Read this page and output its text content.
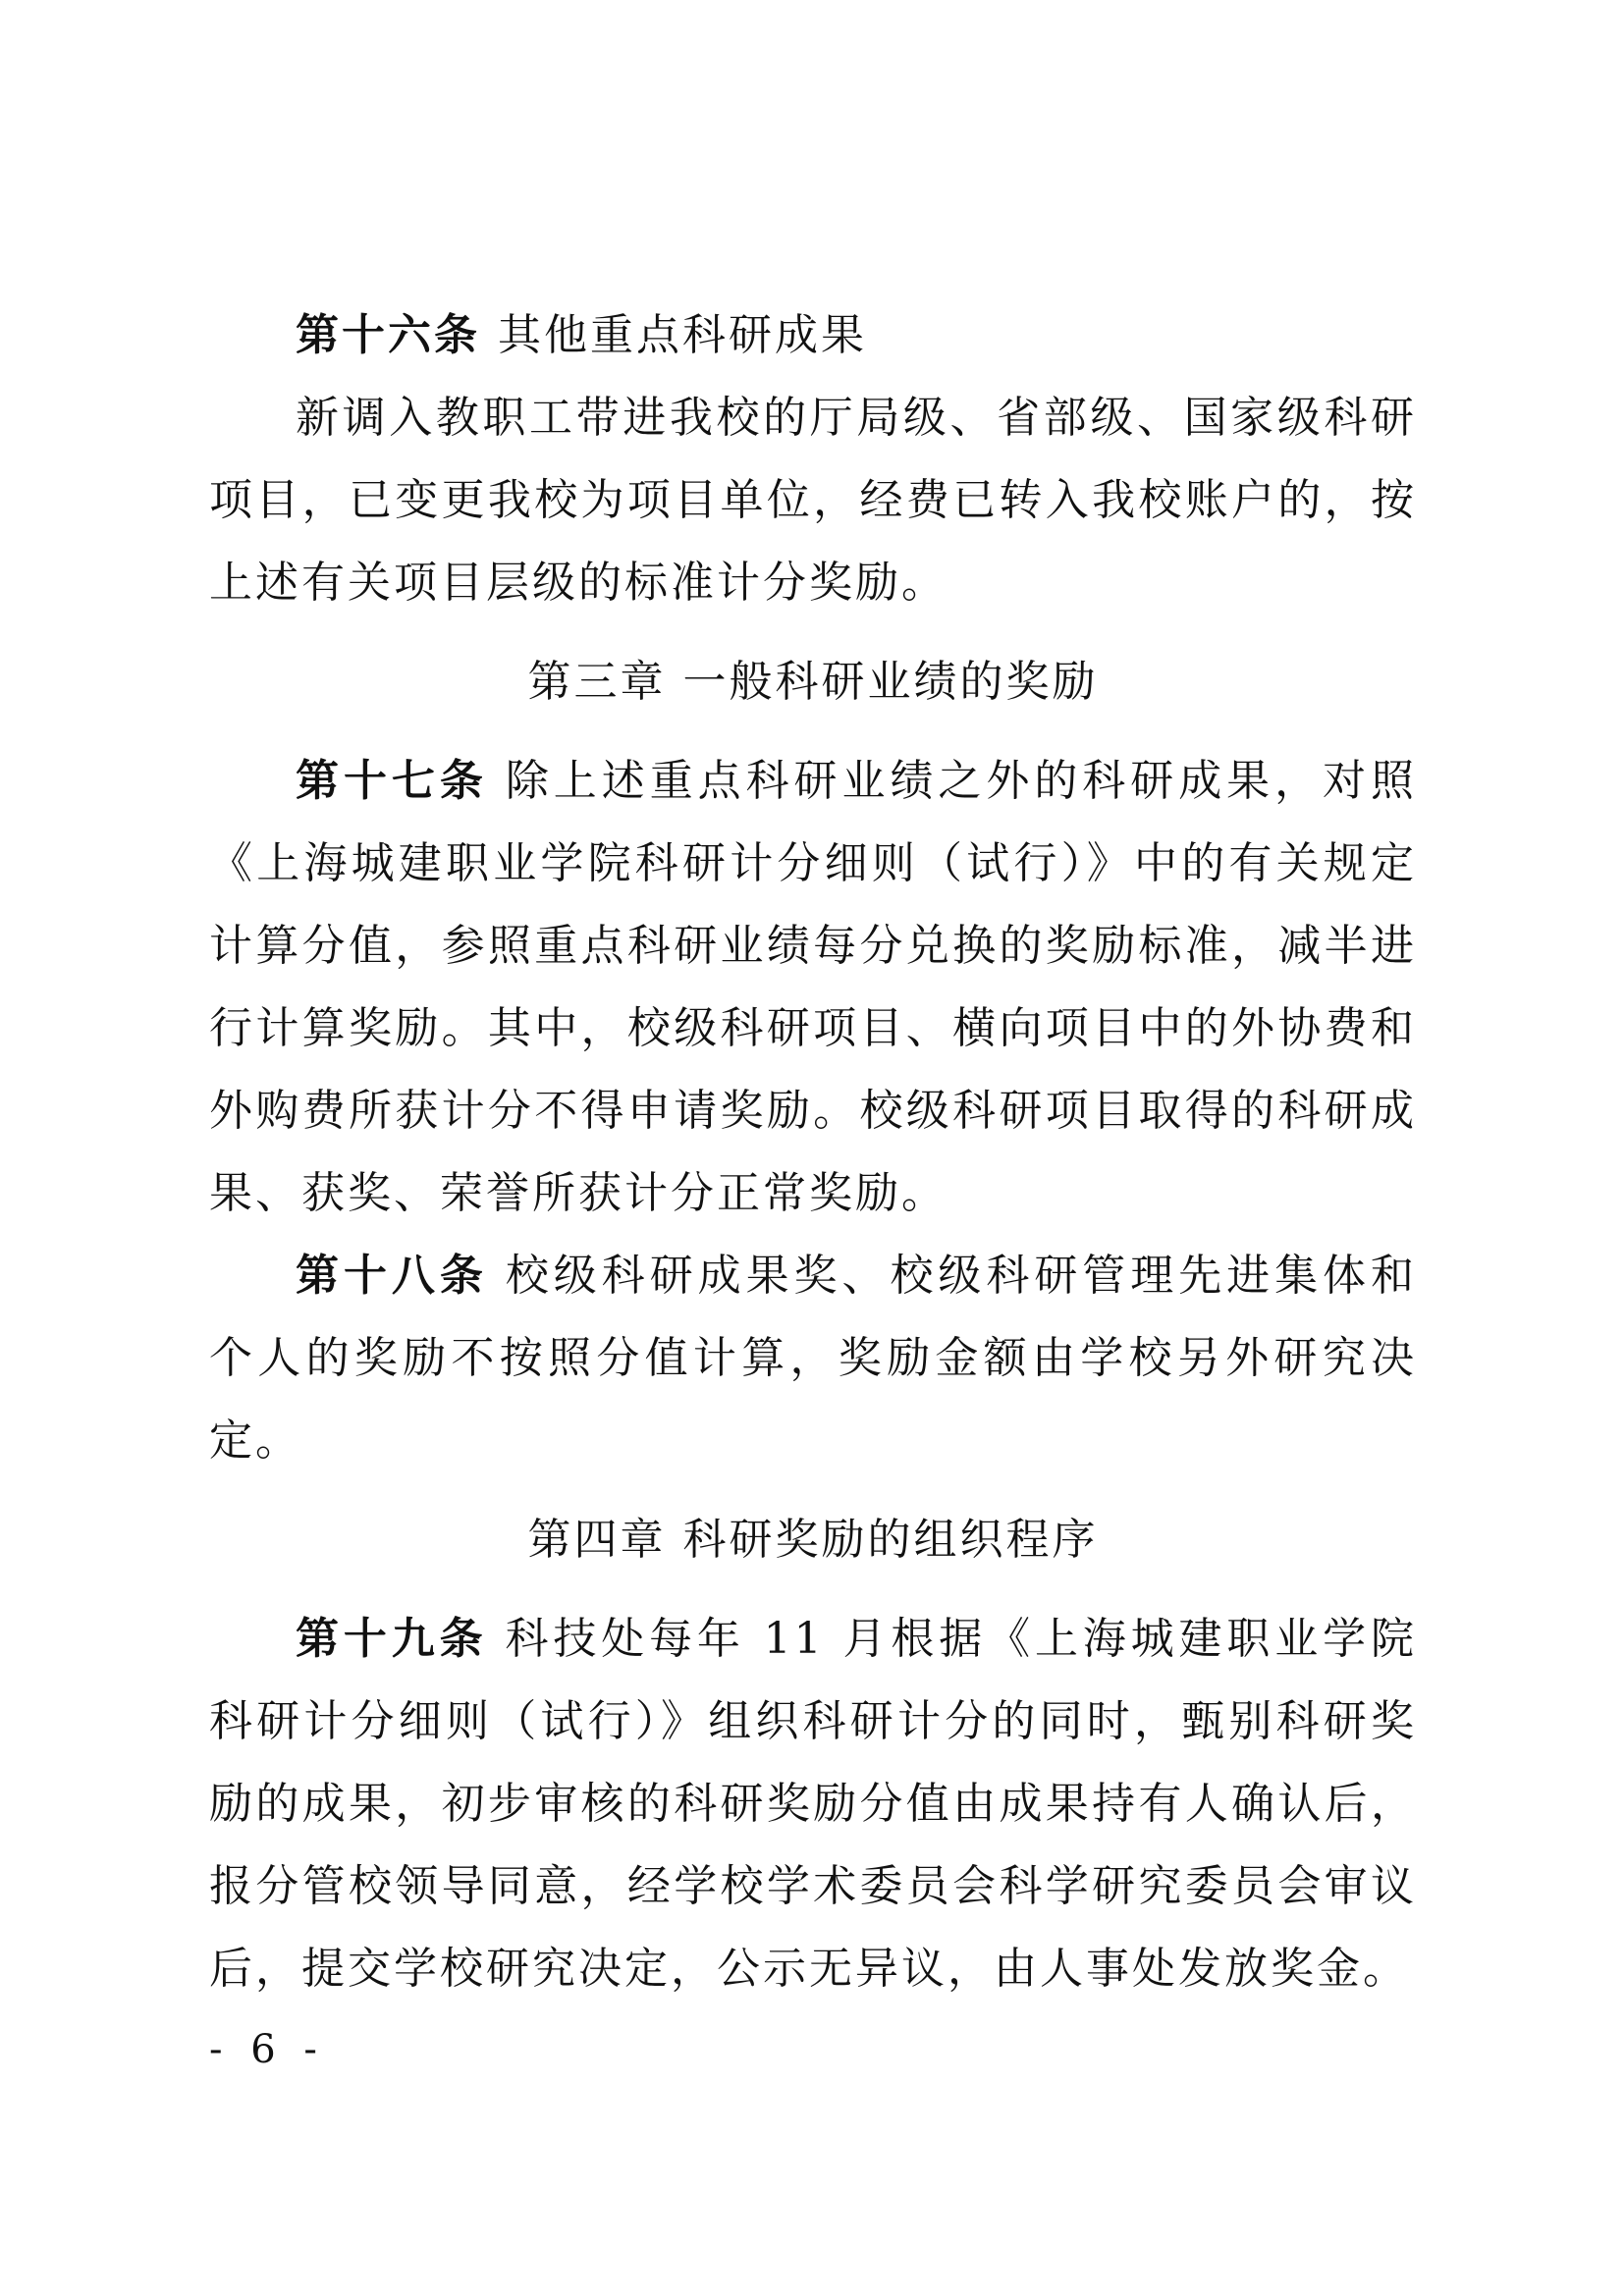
第十六条 其他重点科研成果

新调入教职工带进我校的厅局级、省部级、国家级科研项目，已变更我校为项目单位，经费已转入我校账户的，按上述有关项目层级的标准计分奖励。

第三章 一般科研业绩的奖励

第十七条 除上述重点科研业绩之外的科研成果，对照《上海城建职业学院科研计分细则（试行）》中的有关规定计算分值，参照重点科研业绩每分兑换的奖励标准，减半进行计算奖励。其中，校级科研项目、横向项目中的外协费和外购费所获计分不得申请奖励。校级科研项目取得的科研成果、获奖、荣誉所获计分正常奖励。

第十八条 校级科研成果奖、校级科研管理先进集体和个人的奖励不按照分值计算，奖励金额由学校另外研究决定。

第四章 科研奖励的组织程序

第十九条 科技处每年 11 月根据《上海城建职业学院科研计分细则（试行）》组织科研计分的同时，甄别科研奖励的成果，初步审核的科研奖励分值由成果持有人确认后，报分管校领导同意，经学校学术委员会科学研究委员会审议后，提交学校研究决定，公示无异议，由人事处发放奖金。

- 6 -
